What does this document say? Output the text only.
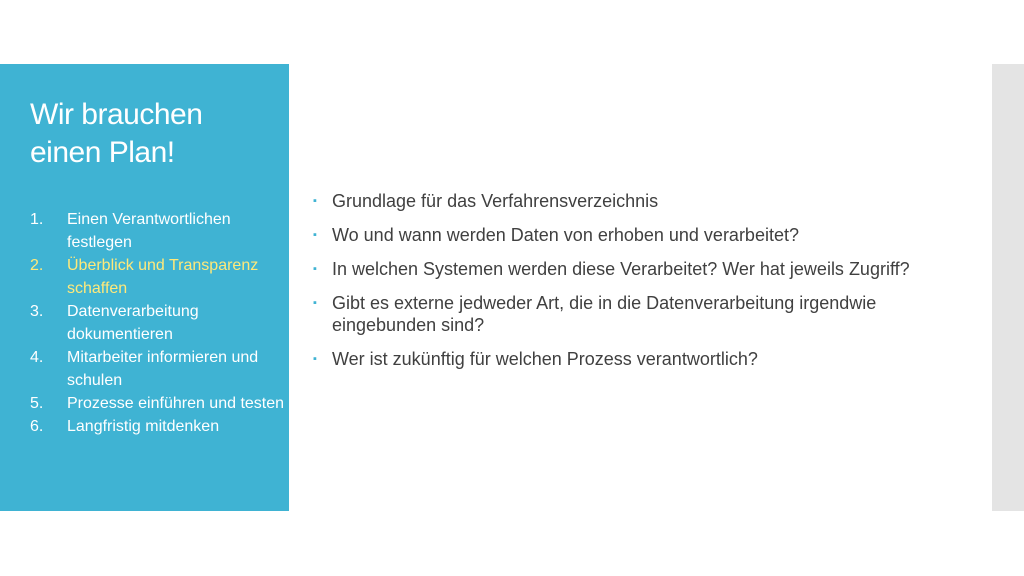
Wir brauchen einen Plan!
1. Einen Verantwortlichen festlegen
2. Überblick und Transparenz schaffen
3. Datenverarbeitung dokumentieren
4. Mitarbeiter informieren und schulen
5. Prozesse einführen und testen
6. Langfristig mitdenken
▪ Grundlage für das Verfahrensverzeichnis
▪ Wo und wann werden Daten von erhoben und verarbeitet?
▪ In welchen Systemen werden diese Verarbeitet? Wer hat jeweils Zugriff?
▪ Gibt es externe jedweder Art, die in die Datenverarbeitung irgendwie eingebunden sind?
▪ Wer ist zukünftig für welchen Prozess verantwortlich?
